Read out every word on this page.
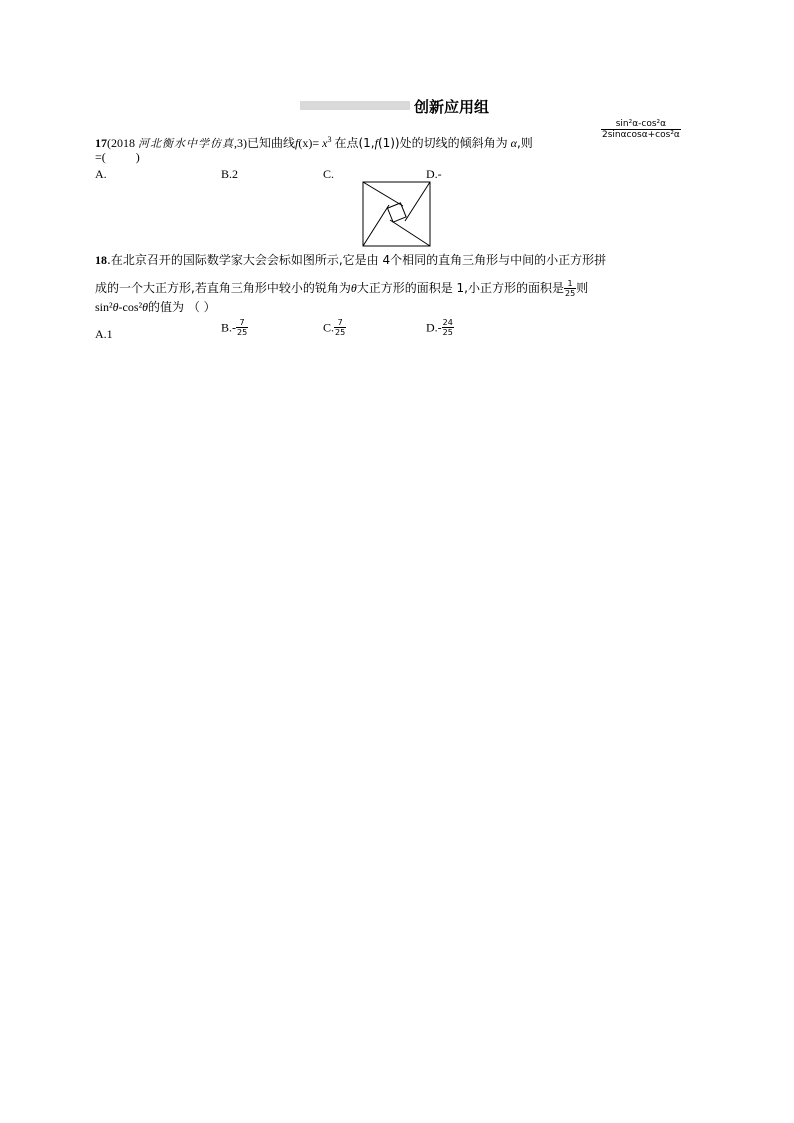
创新应用组
17(2018 河北衡水中学仿真,3)已知曲线$f(x)= x^3$ 在点(1,f(1))处的切线的倾斜角为 α,则
$\frac{\text{sin²α-cos²α}}{\text{2sinαcosα+cos²α}}$
=(	)
A.	B.2	C.	D.-
18.在北京召开的国际数学家大会会标如图所示,它是由 4个相同的直角三角形与中间的小正方形拼
成的一个大正方形,若直角三角形中较小的锐角为θ大正方形的面积是 1,小正方形的面积是 $\frac{1}{25}$ 则
sin²θ-cos²θ的值为 （ ）
A.1	$B.- \frac{7}{25}$	C. $\frac{7}{25}$	$D.- \frac{24}{25}$
